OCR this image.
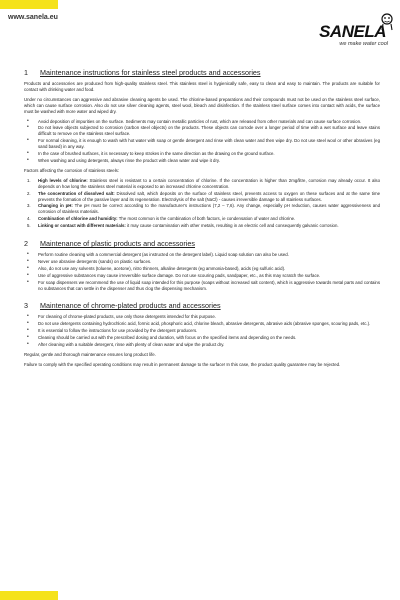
www.sanela.eu
SANELA
we make water cool
1	Maintenance instructions for stainless steel products and accessories

Products and accessories are produced from high-quality stainless steel. This stainless steel is hygienically safe, easy to clean and easy to maintain. The products are suitable for contact with drinking water and food.

Under no circumstances can aggressive and abrasive cleaning agents be used. The chlorine-based preparations and their compounds must not be used on the stainless steel surface, which can cause surface corrosion. Also do not use silver cleaning agents, steel wool, bleach and disinfection. If the stainless steel surface comes into contact with acids, the surface must be washed with more water and wiped dry.

• Avoid deposition of impurities on the surface. Sediments may contain metallic particles of rust, which are released from other materials and can cause surface corrosion.
• Do not leave objects subjected to corrosion (carbon steel objects) on the products. These objects can corrode over a longer period of time with a wet surface and leave stains difficult to remove on the stainless steel surface.
• For normal cleaning, it is enough to wash with hot water with soap or gentle detergent and rinse with clean water and then wipe dry. Do not use steel wool or other abrasives (eg sand based) in any way.
• In the case of brushed surfaces, it is necessary to keep strokes in the same direction as the drawing on the ground surface.
• When washing and using detergents, always rinse the product with clean water and wipe it dry.

Factors affecting the corrosion of stainless steels:

1. High levels of chlorine: Stainless steel is resistant to a certain concentration of chlorine. If the concentration is higher than 2mg/litre, corrosion may already occur. It also depends on how long the stainless steel material is exposed to an increased chlorine concentration.
2. The concentration of dissolved salt: Dissolved salt, which deposits on the surface of stainless steel, prevents access to oxygen on these surfaces and at the same time prevents the formation of the passive layer and its regeneration. Electrolysis of the salt (NaCl) - causes irreversible damage to all stainless surfaces.
3. Changing in pH: The pH must be correct according to the manufacturer's instructions (7,2 – 7,6). Any change, especially pH reduction, causes water aggressiveness and corrosion of stainless materials.
4. Combination of chlorine and humidity: The most common is the combination of both factors, ie condensation of water and chlorine.
5. Linking or contact with different materials: it may cause contamination with other metals, resulting in an electric cell and consequently galvanic corrosion.
2	Maintenance of plastic products and accessories
• Perform routine cleaning with a commercial detergent (as instructed on the detergent label). Liquid soap solution can also be used.
• Never use abrasive detergents (sands) on plastic surfaces.
• Also, do not use any solvents (toluene, acetone), nitro thinners, alkaline detergents (eg ammonia-based), acids (eg sulfuric acid).
• Use of aggressive substances may cause irreversible surface damage. Do not use scouring pads, sandpaper, etc., as this may scratch the surface.
• For soap dispensers we recommend the use of liquid soap intended for this purpose (soaps without increased salt content), which is aggressive towards metal parts and contains no substances that can settle in the dispenser and thus clog the dispensing mechanism.
3	Maintenance of chrome-plated products and accessories
• For cleaning of chrome-plated products, use only those detergents intended for this purpose.
• Do not use detergents containing hydrochloric acid, formic acid, phosphoric acid, chlorine bleach, abrasive detergents, abrasive aids (abrasive sponges, scouring pads, etc.).
• It is essential to follow the instructions for use provided by the detergent producers.
• Cleaning should be carried out with the prescribed dosing and duration, with focus on the specified items and depending on the needs.
• After cleaning with a suitable detergent, rinse with plenty of clean water and wipe the product dry.

Regular, gentle and thorough maintenance ensures long product life.

Failure to comply with the specified operating conditions may result in permanent damage to the surface! In this case, the product quality guarantee may be rejected.
